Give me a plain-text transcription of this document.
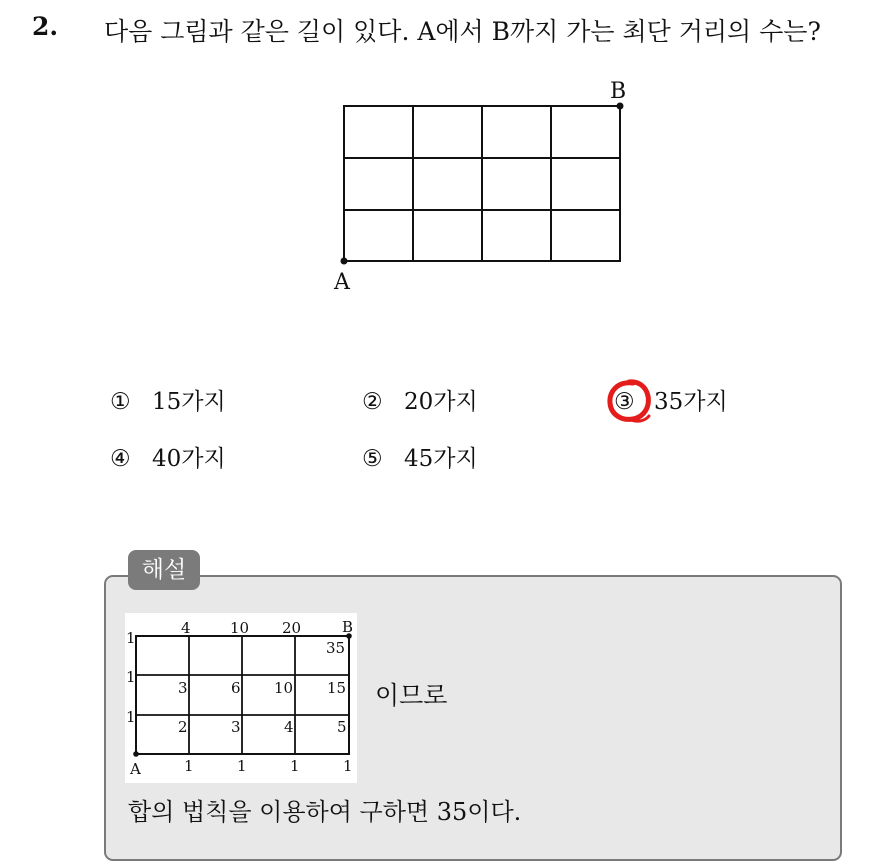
2. 다음 그림과 같은 길이 있다. A에서 B까지 가는 최단 거리의 수는?
A
B
① 15가지	② 20가지	③ 35가지
④ 40가지	⑤ 45가지
해설
4	10 20	B
1
1
1
35
3	6 10 15
2	3	4	5
A	1	1	1	1
이므로
합의 법칙을 이용하여 구하면 35이다.
